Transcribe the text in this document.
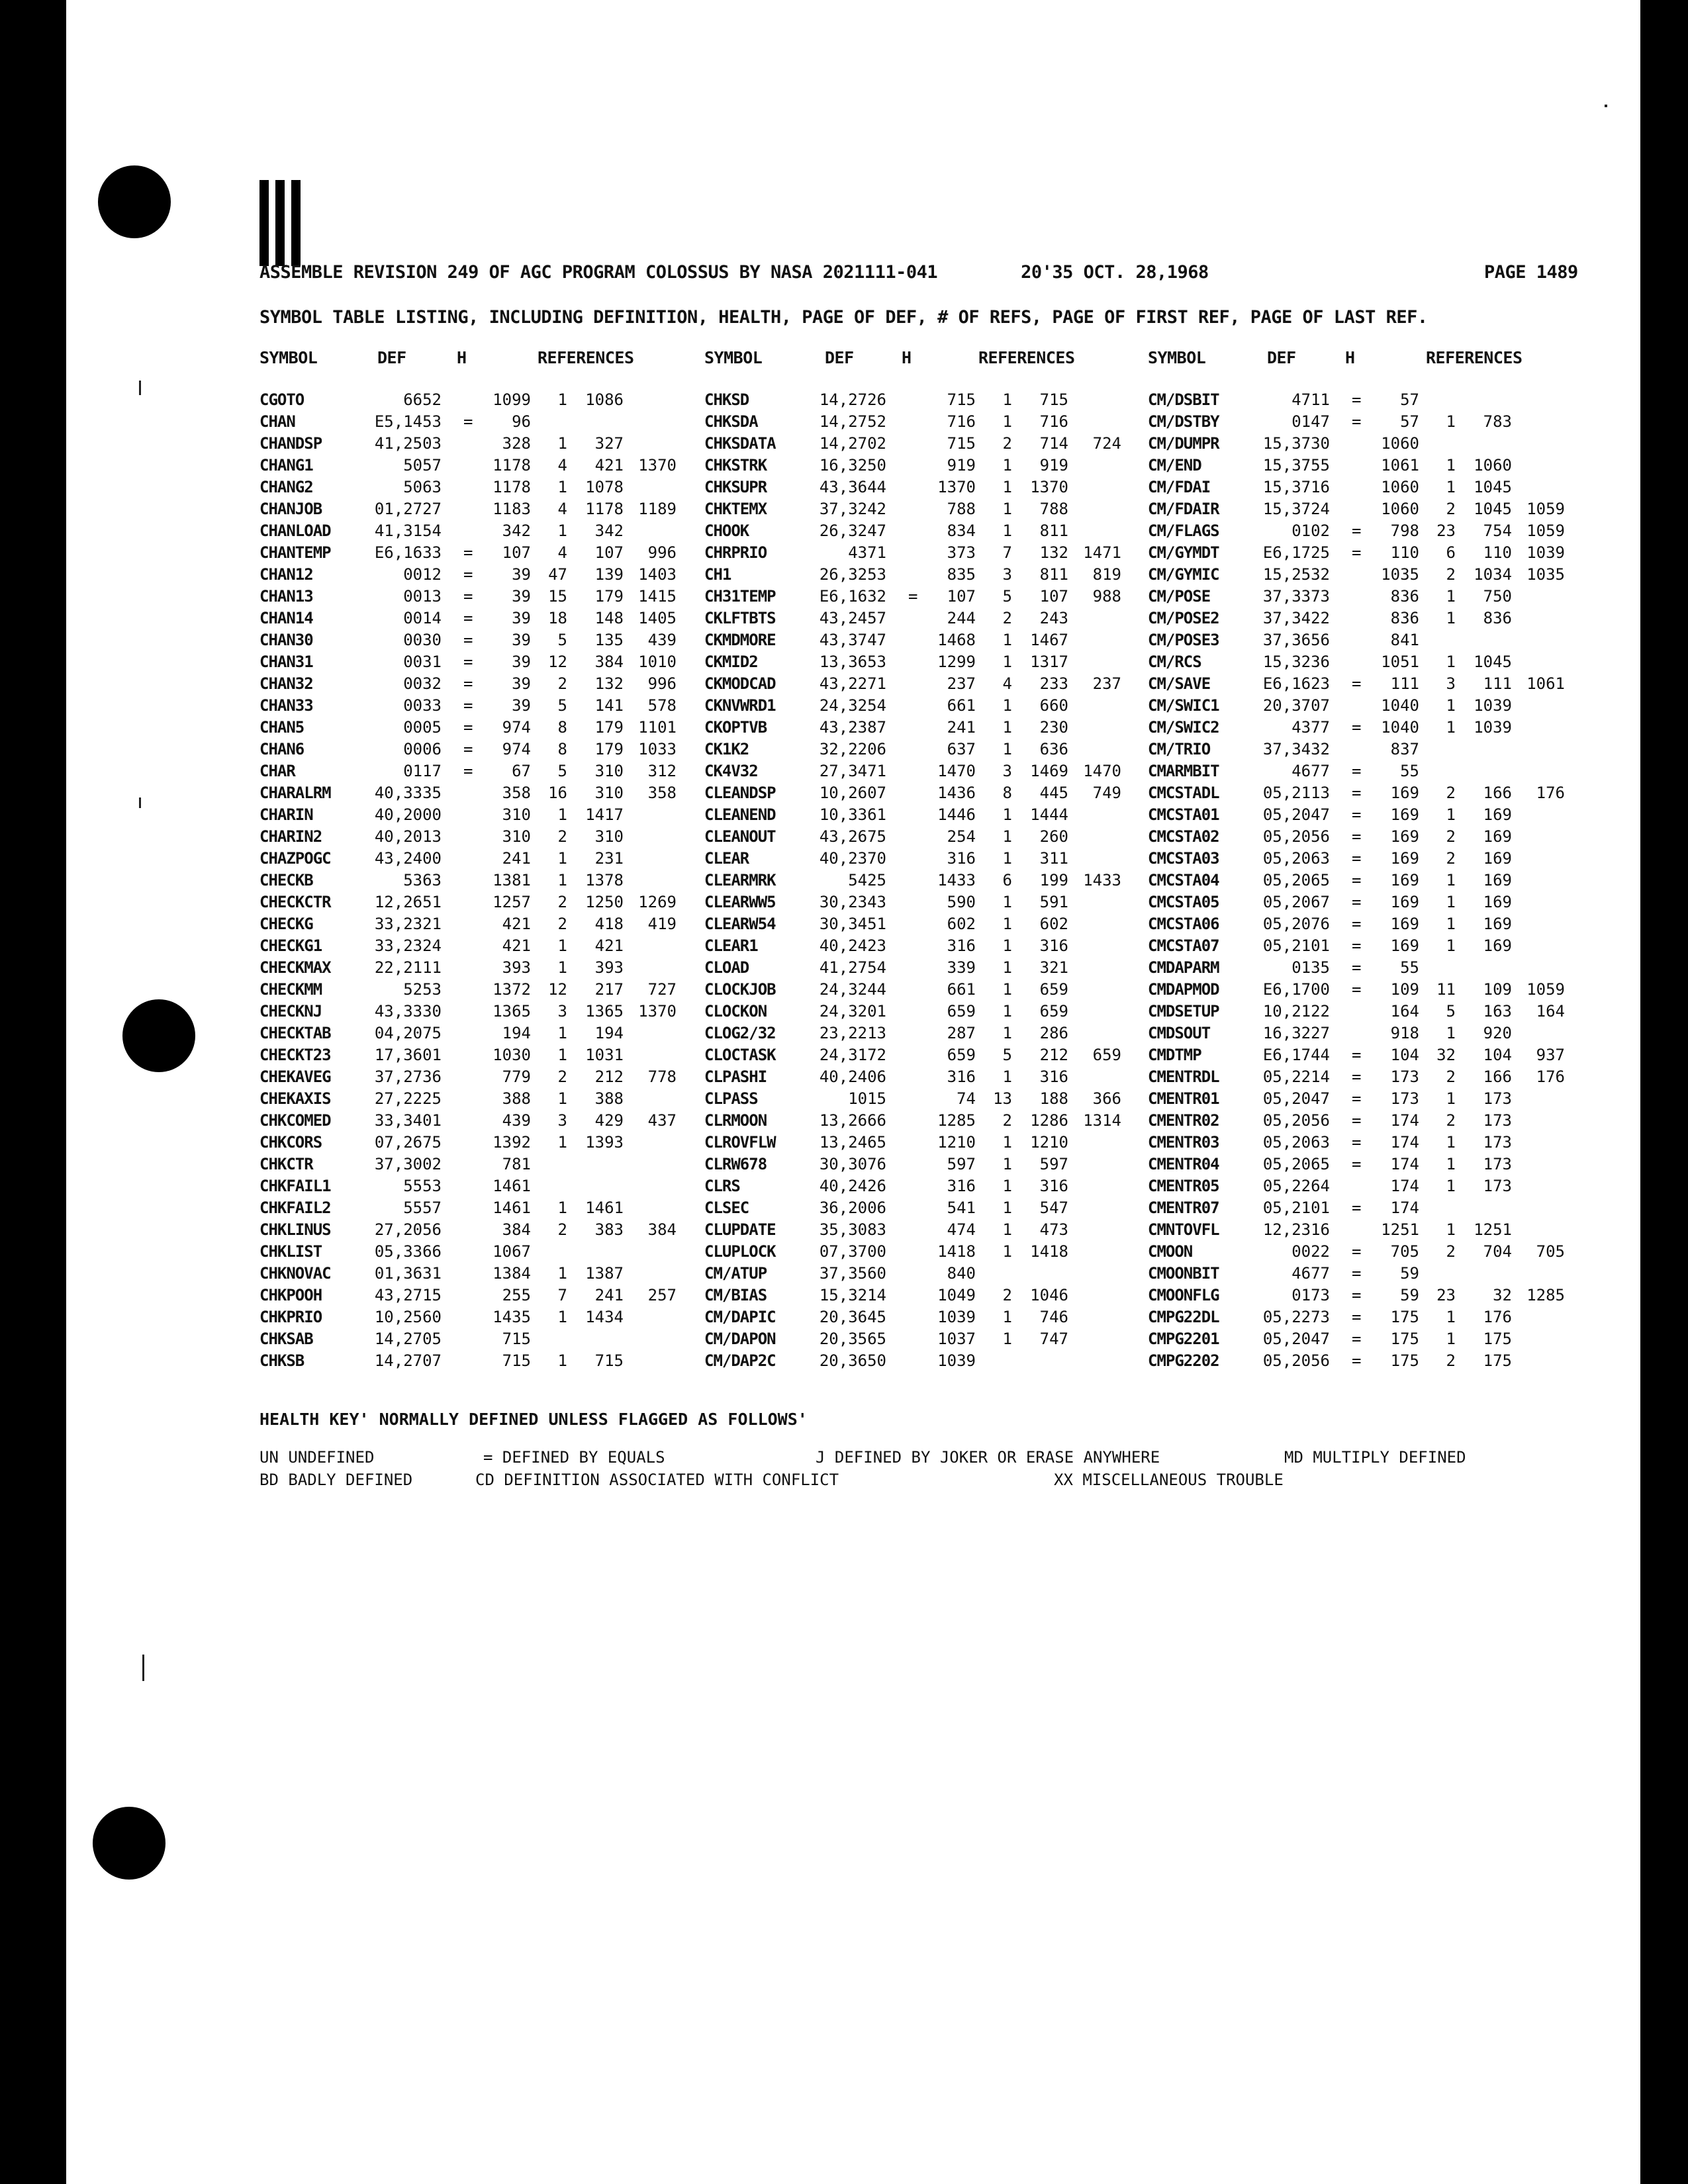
ASSEMBLE REVISION 249 OF AGC PROGRAM COLOSSUS BY NASA 2021111-041        20'35 OCT. 28,1968	PAGE 1489
SYMBOL TABLE LISTING, INCLUDING DEFINITION, HEALTH, PAGE OF DEF, # OF REFS, PAGE OF FIRST REF, PAGE OF LAST REF.
SYMBOL	DEF	H	REFERENCES	SYMBOL	DEF	H	REFERENCES	SYMBOL	DEF	H	REFERENCES
CGOTO	6652	1099	1	1086
CHAN	E5,1453 =	96
CHANDSP	41,2503	328	1	327
CHANG1	5057	1178	4	421 1370
CHANG2	5063	1178	1	1078
CHANJOB	01,2727	1183	4	1178 1189
CHANLOAD	41,3154	342	1	342
CHANTEMP	E6,1633 =	107	4	107	996
CHAN12	0012 =	39	47	139 1403
CHAN13	0013 =	39	15	179 1415
CHAN14	0014 =	39	18	148 1405
CHAN30	0030 =	39	5	135	439
CHAN31	0031 =	39	12	384 1010
CHAN32	0032 =	39	2	132	996
CHAN33	0033 =	39	5	141	578
CHAN5	0005 =	974	8	179 1101
CHAN6	0006 =	974	8	179 1033
CHAR	0117 =	67	5	310	312
CHARALRM	40,3335	358	16	310	358
CHARIN	40,2000	310	1	1417
CHARIN2	40,2013	310	2	310
CHAZPOGC	43,2400	241	1	231
CHECKB	5363	1381	1	1378
CHECKCTR	12,2651	1257	2	1250 1269
CHECKG	33,2321	421	2	418	419
CHECKG1	33,2324	421	1	421
CHECKMAX	22,2111	393	1	393
CHECKMM	5253	1372	12	217	727
CHECKNJ	43,3330	1365	3	1365 1370
CHECKTAB	04,2075	194	1	194
CHECKT23	17,3601	1030	1	1031
CHEKAVEG	37,2736	779	2	212	778
CHEKAXIS	27,2225	388	1	388
CHKCOMED	33,3401	439	3	429	437
CHKCORS	07,2675	1392	1	1393
CHKCTR	37,3002	781
CHKFAIL1	5553	1461
CHKFAIL2	5557	1461	1	1461
CHKLINUS	27,2056	384	2	383	384
CHKLIST	05,3366	1067
CHKNOVAC	01,3631	1384	1	1387
CHKPOOH	43,2715	255	7	241	257
CHKPRIO	10,2560	1435	1	1434
CHKSAB	14,2705	715
CHKSB	14,2707	715	1	715
CHKSD	14,2726	715	1	715
CHKSDA	14,2752	716	1	716
CHKSDATA	14,2702	715	2	714	724
CHKSTRK	16,3250	919	1	919
CHKSUPR	43,3644	1370	1	1370
CHKTEMX	37,3242	788	1	788
CHOOK	26,3247	834	1	811
CHRPRIO	4371	373	7	132 1471
CH1	26,3253	835	3	811	819
CH31TEMP	E6,1632 =	107	5	107	988
CKLFTBTS	43,2457	244	2	243
CKMDMORE	43,3747	1468	1	1467
CKMID2	13,3653	1299	1	1317
CKMODCAD	43,2271	237	4	233	237
CKNVWRD1	24,3254	661	1	660
CKOPTVB	43,2387	241	1	230
CK1K2	32,2206	637	1	636
CK4V32	27,3471	1470	3	1469 1470
CLEANDSP	10,2607	1436	8	445	749
CLEANEND	10,3361	1446	1	1444
CLEANOUT	43,2675	254	1	260
CLEAR	40,2370	316	1	311
CLEARMRK	5425	1433	6	199 1433
CLEARWW5	30,2343	590	1	591
CLEARW54	30,3451	602	1	602
CLEAR1	40,2423	316	1	316
CLOAD	41,2754	339	1	321
CLOCKJOB	24,3244	661	1	659
CLOCKON	24,3201	659	1	659
CLOG2/32	23,2213	287	1	286
CLOCTASK	24,3172	659	5	212	659
CLPASHI	40,2406	316	1	316
CLPASS	1015	74	13	188	366
CLRMOON	13,2666	1285	2	1286 1314
CLROVFLW	13,2465	1210	1	1210
CLRW678	30,3076	597	1	597
CLRS	40,2426	316	1	316
CLSEC	36,2006	541	1	547
CLUPDATE	35,3083	474	1	473
CLUPLOCK	07,3700	1418	1	1418
CM/ATUP	37,3560	840
CM/BIAS	15,3214	1049	2	1046
CM/DAPIC	20,3645	1039	1	746
CM/DAPON	20,3565	1037	1	747
CM/DAP2C	20,3650	1039
CM/DSBIT	4711 =	57
CM/DSTBY	0147 =	57	1	783
CM/DUMPR	15,3730	1060
CM/END	15,3755	1061	1	1060
CM/FDAI	15,3716	1060	1	1045
CM/FDAIR	15,3724	1060	2	1045 1059
CM/FLAGS	0102 =	798	23	754 1059
CM/GYMDT	E6,1725 =	110	6	110 1039
CM/GYMIC	15,2532	1035	2	1034 1035
CM/POSE	37,3373	836	1	750
CM/POSE2	37,3422	836	1	836
CM/POSE3	37,3656	841
CM/RCS	15,3236	1051	1	1045
CM/SAVE	E6,1623 =	111	3	111 1061
CM/SWIC1	20,3707	1040	1	1039
CM/SWIC2	4377 =	1040	1	1039
CM/TRIO	37,3432	837
CMARMBIT	4677 =	55
CMCSTADL	05,2113 =	169	2	166	176
CMCSTA01	05,2047 =	169	1	169
CMCSTA02	05,2056 =	169	2	169
CMCSTA03	05,2063 =	169	2	169
CMCSTA04	05,2065 =	169	1	169
CMCSTA05	05,2067 =	169	1	169
CMCSTA06	05,2076 =	169	1	169
CMCSTA07	05,2101 =	169	1	169
CMDAPARM	0135 =	55
CMDAPMOD	E6,1700 =	109	11	109 1059
CMDSETUP	10,2122	164	5	163	164
CMDSOUT	16,3227	918	1	920
CMDTMP	E6,1744 =	104	32	104	937
CMENTRDL	05,2214 =	173	2	166	176
CMENTR01	05,2047 =	173	1	173
CMENTR02	05,2056 =	174	2	173
CMENTR03	05,2063 =	174	1	173
CMENTR04	05,2065 =	174	1	173
CMENTR05	05,2264	174	1	173
CMENTR07	05,2101 =	174
CMNTOVFL	12,2316	1251	1	1251
CMOON	0022 =	705	2	704	705
CMOONBIT	4677 =	59
CMOONFLG	0173 =	59	23	32 1285
CMPG22DL	05,2273 =	175	1	176
CMPG2201	05,2047 =	175	1	175
CMPG2202	05,2056 =	175	2	175
HEALTH KEY' NORMALLY DEFINED UNLESS FLAGGED AS FOLLOWS'
UN UNDEFINED	= DEFINED BY EQUALS	J DEFINED BY JOKER OR ERASE ANYWHERE	MD MULTIPLY DEFINED
BD BADLY DEFINED	CD DEFINITION ASSOCIATED WITH CONFLICT	XX MISCELLANEOUS TROUBLE
